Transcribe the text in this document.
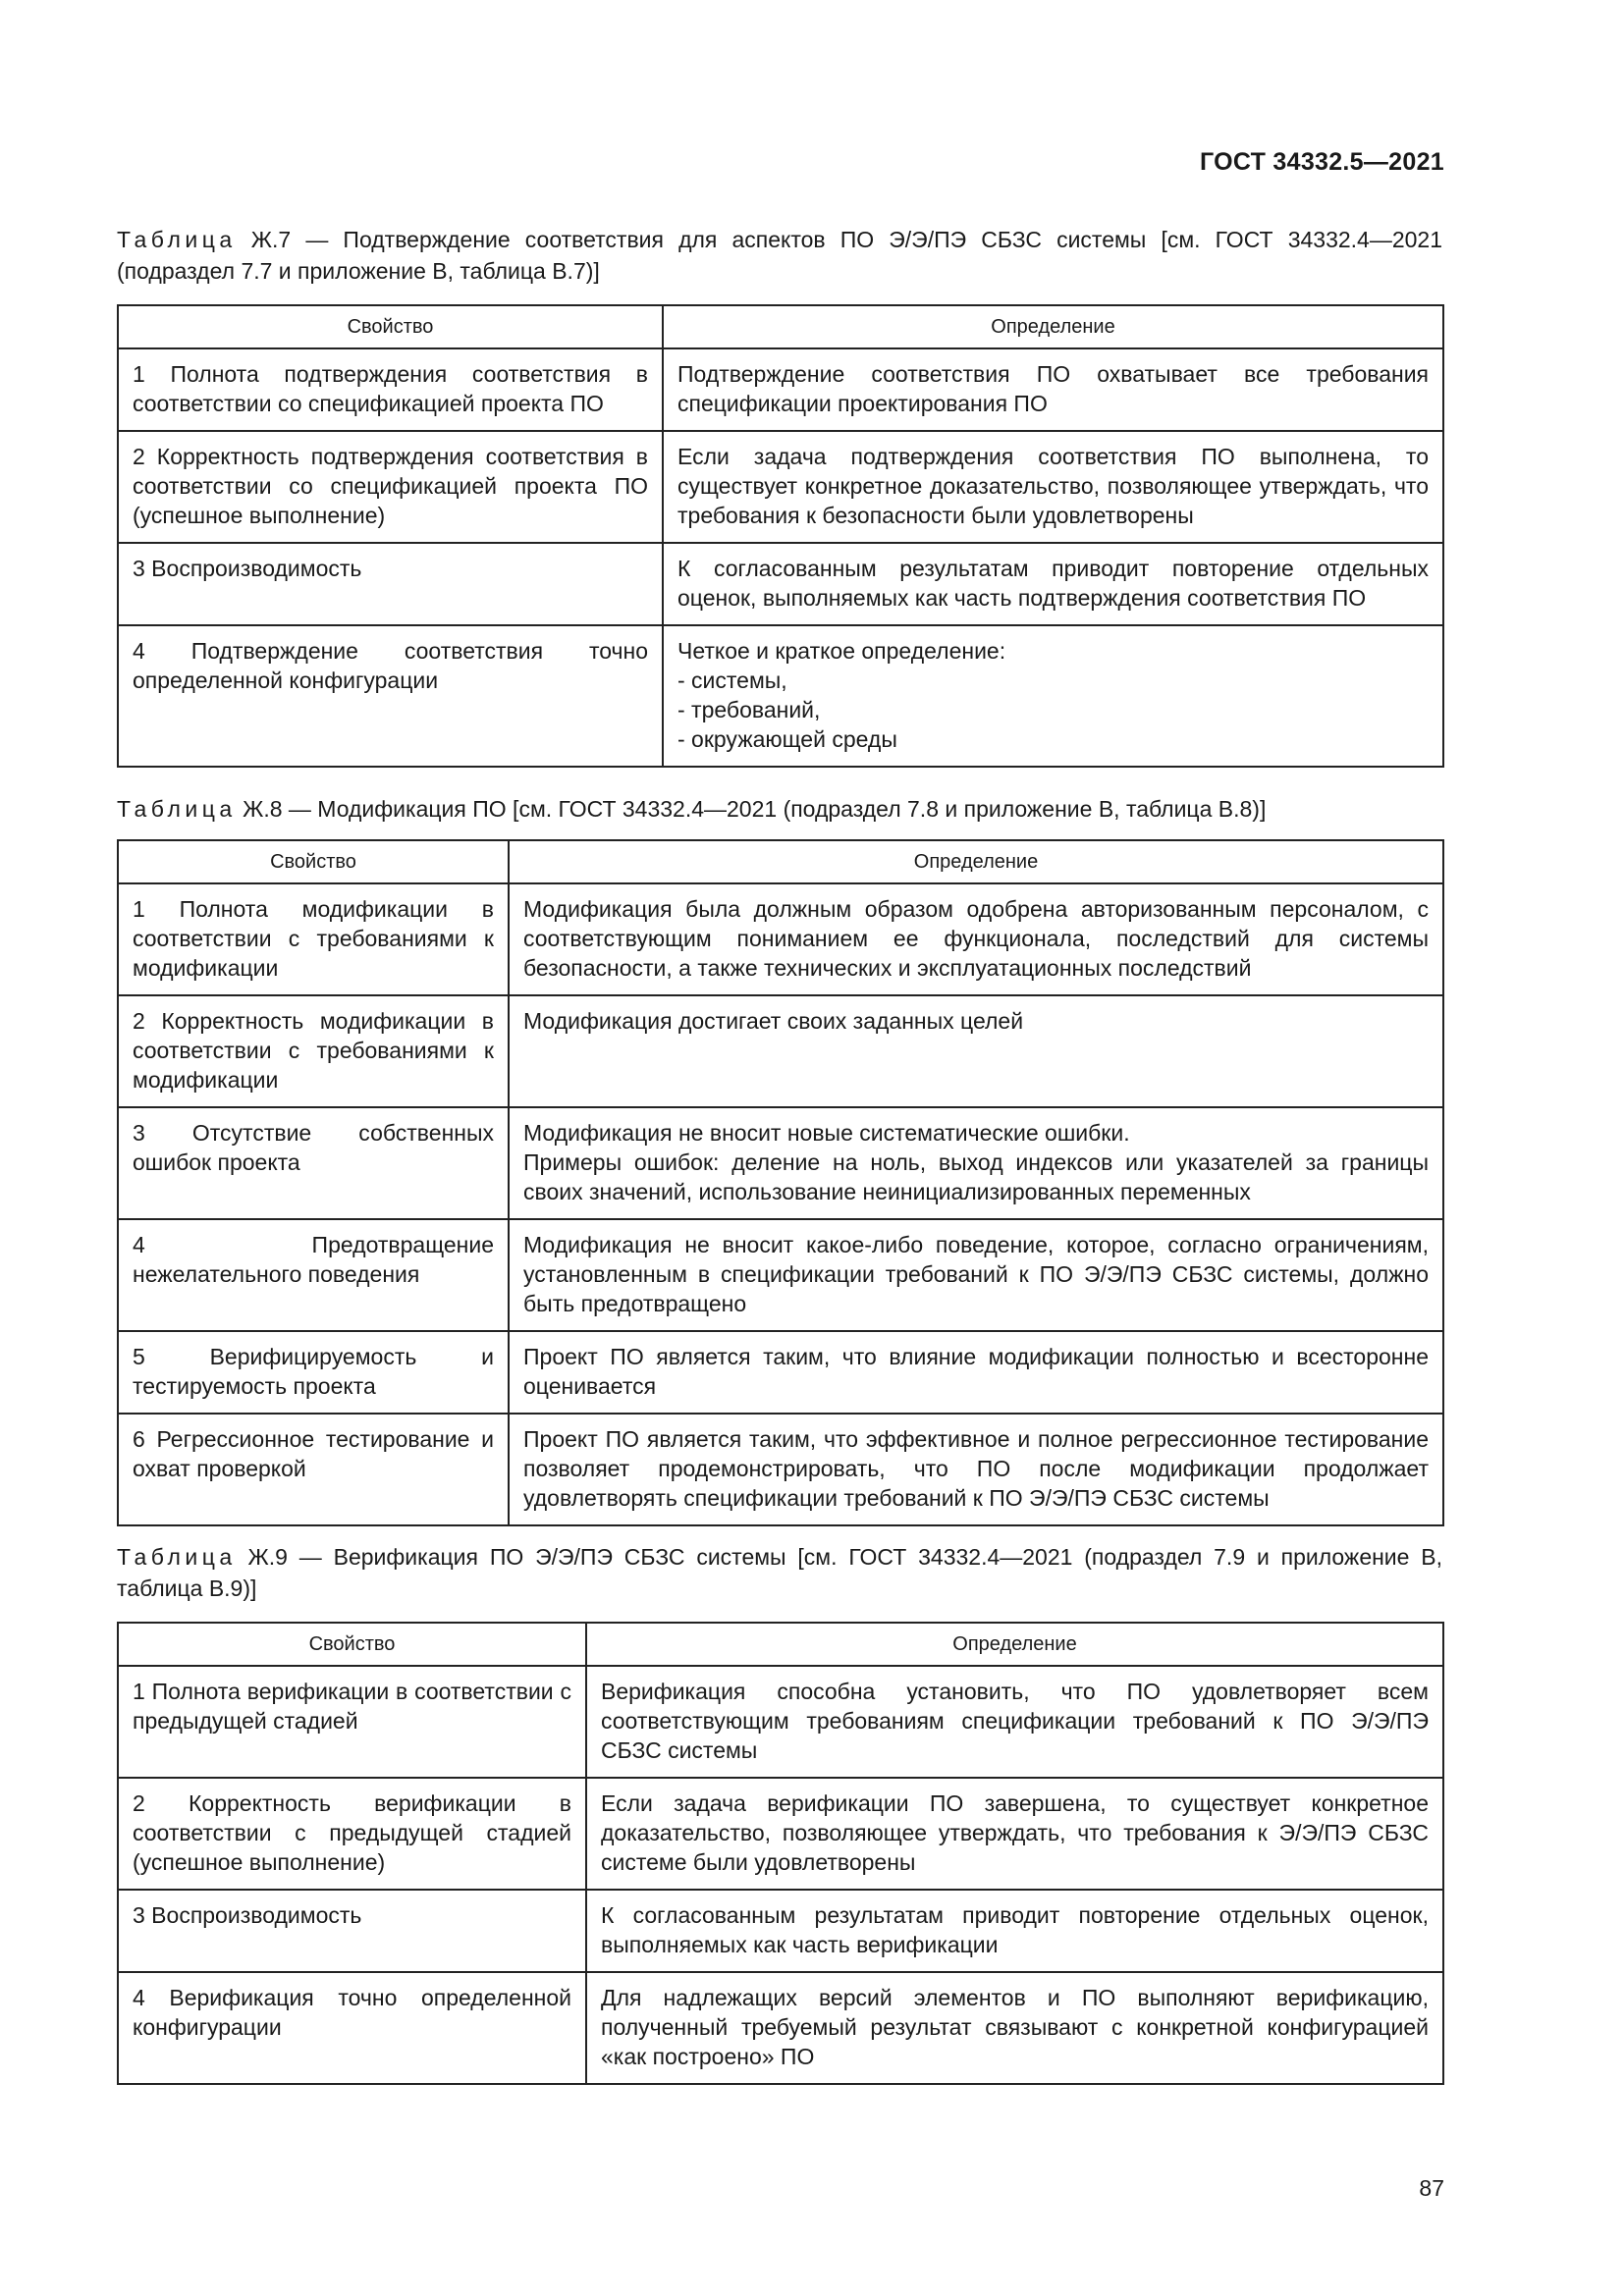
ГОСТ 34332.5—2021
Таблица Ж.7 — Подтверждение соответствия для аспектов ПО Э/Э/ПЭ СБЗС системы [см. ГОСТ 34332.4—2021 (подраздел 7.7 и приложение В, таблица В.7)]
Свойство	Определение
1 Полнота подтверждения соответствия в соответствии со спецификацией проекта ПО	Подтверждение соответствия ПО охватывает все требования спецификации проектирования ПО
2 Корректность подтверждения соответствия в соответствии со спецификацией проекта ПО (успешное выполнение)	Если задача подтверждения соответствия ПО выполнена, то существует конкретное доказательство, позволяющее утверждать, что требования к безопасности были удовлетворены
3 Воспроизводимость	К согласованным результатам приводит повторение отдельных оценок, выполняемых как часть подтверждения соответствия ПО
4 Подтверждение соответствия точно определенной конфигурации	Четкое и краткое определение:
- системы,
- требований,
- окружающей среды
Таблица Ж.8 — Модификация ПО [см. ГОСТ 34332.4—2021 (подраздел 7.8 и приложение В, таблица В.8)]
Свойство	Определение
1 Полнота модификации в соответствии с требованиями к модификации	Модификация была должным образом одобрена авторизованным персоналом, с соответствующим пониманием ее функционала, последствий для системы безопасности, а также технических и эксплуатационных последствий
2 Корректность модификации в соответствии с требованиями к модификации	Модификация достигает своих заданных целей
3 Отсутствие собственных ошибок проекта	Модификация не вносит новые систематические ошибки.
Примеры ошибок: деление на ноль, выход индексов или указателей за границы своих значений, использование неинициализированных переменных

4 Предотвращение нежелательного поведения	Модификация не вносит какое-либо поведение, которое, согласно ограничениям, установленным в спецификации требований к ПО Э/Э/ПЭ СБЗС системы, должно быть предотвращено
5 Верифицируемость и тестируемость проекта	Проект ПО является таким, что влияние модификации полностью и всесторонне оценивается
6 Регрессионное тестирование и охват проверкой	Проект ПО является таким, что эффективное и полное регрессионное тестирование позволяет продемонстрировать, что ПО после модификации продолжает удовлетворять спецификации требований к ПО Э/Э/ПЭ СБЗС системы
Таблица Ж.9 — Верификация ПО Э/Э/ПЭ СБЗС системы [см. ГОСТ 34332.4—2021 (подраздел 7.9 и приложение В, таблица В.9)]
Свойство	Определение
1 Полнота верификации в соответствии с предыдущей стадией	Верификация способна установить, что ПО удовлетворяет всем соответствующим требованиям спецификации требований к ПО Э/Э/ПЭ СБЗС системы
2 Корректность верификации в соответствии с предыдущей стадией (успешное выполнение)	Если задача верификации ПО завершена, то существует конкретное доказательство, позволяющее утверждать, что требования к Э/Э/ПЭ СБЗС системе были удовлетворены
3 Воспроизводимость	К согласованным результатам приводит повторение отдельных оценок, выполняемых как часть верификации
4 Верификация точно определенной конфигурации	Для надлежащих версий элементов и ПО выполняют верификацию, полученный требуемый результат связывают с конкретной конфигурацией «как построено» ПО
87
